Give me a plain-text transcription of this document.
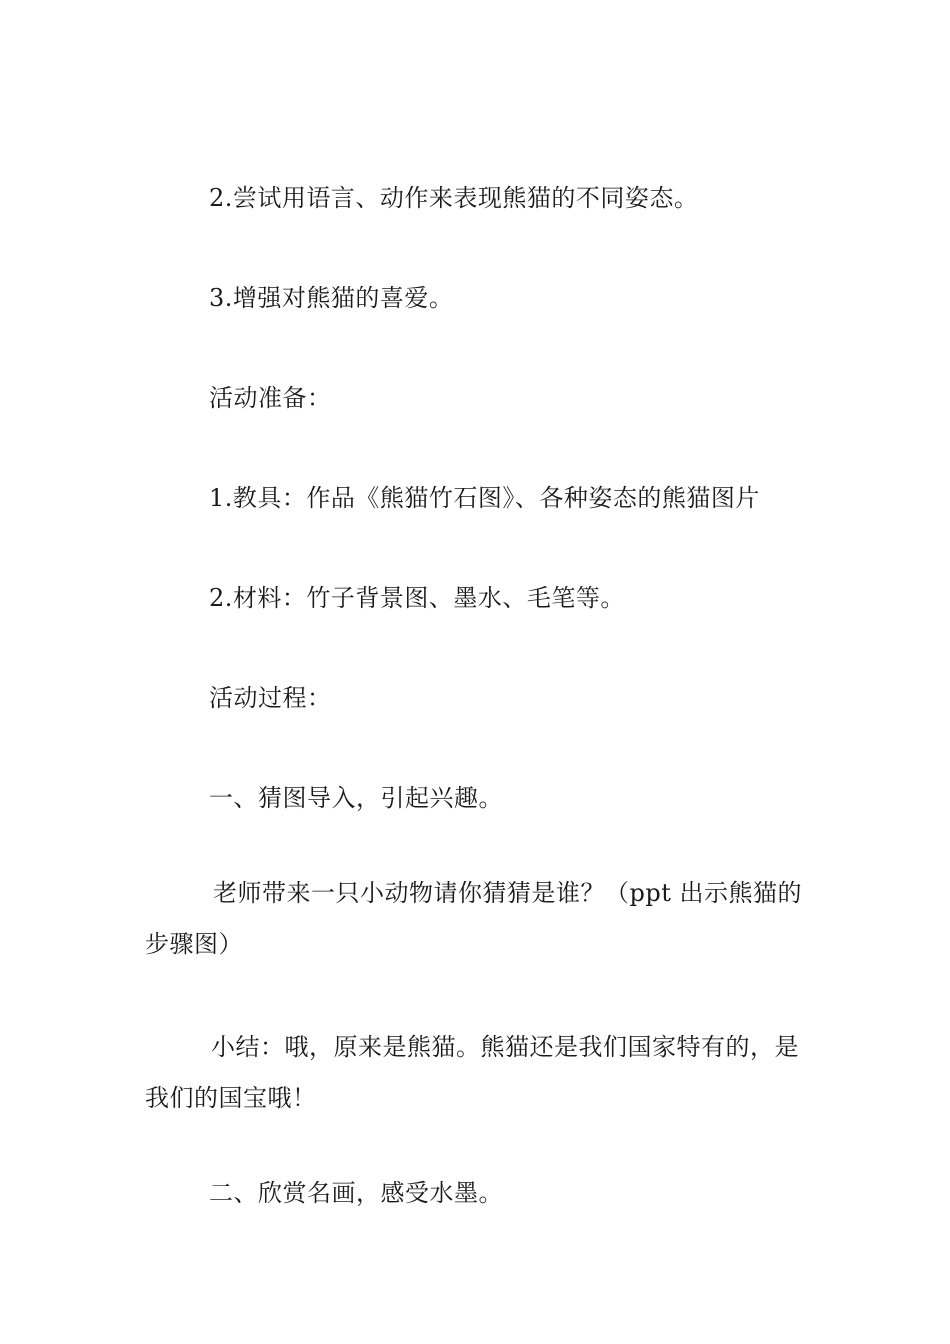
2.尝试用语言、动作来表现熊猫的不同姿态。
3.增强对熊猫的喜爱。
活动准备：
1.教具：作品《熊猫竹石图》、各种姿态的熊猫图片
2.材料：竹子背景图、墨水、毛笔等。
活动过程：
一、猜图导入，引起兴趣。
老师带来一只小动物请你猜猜是谁？（ppt 出示熊猫的步骤图）
小结：哦，原来是熊猫。熊猫还是我们国家特有的，是我们的国宝哦！
二、欣赏名画，感受水墨。
